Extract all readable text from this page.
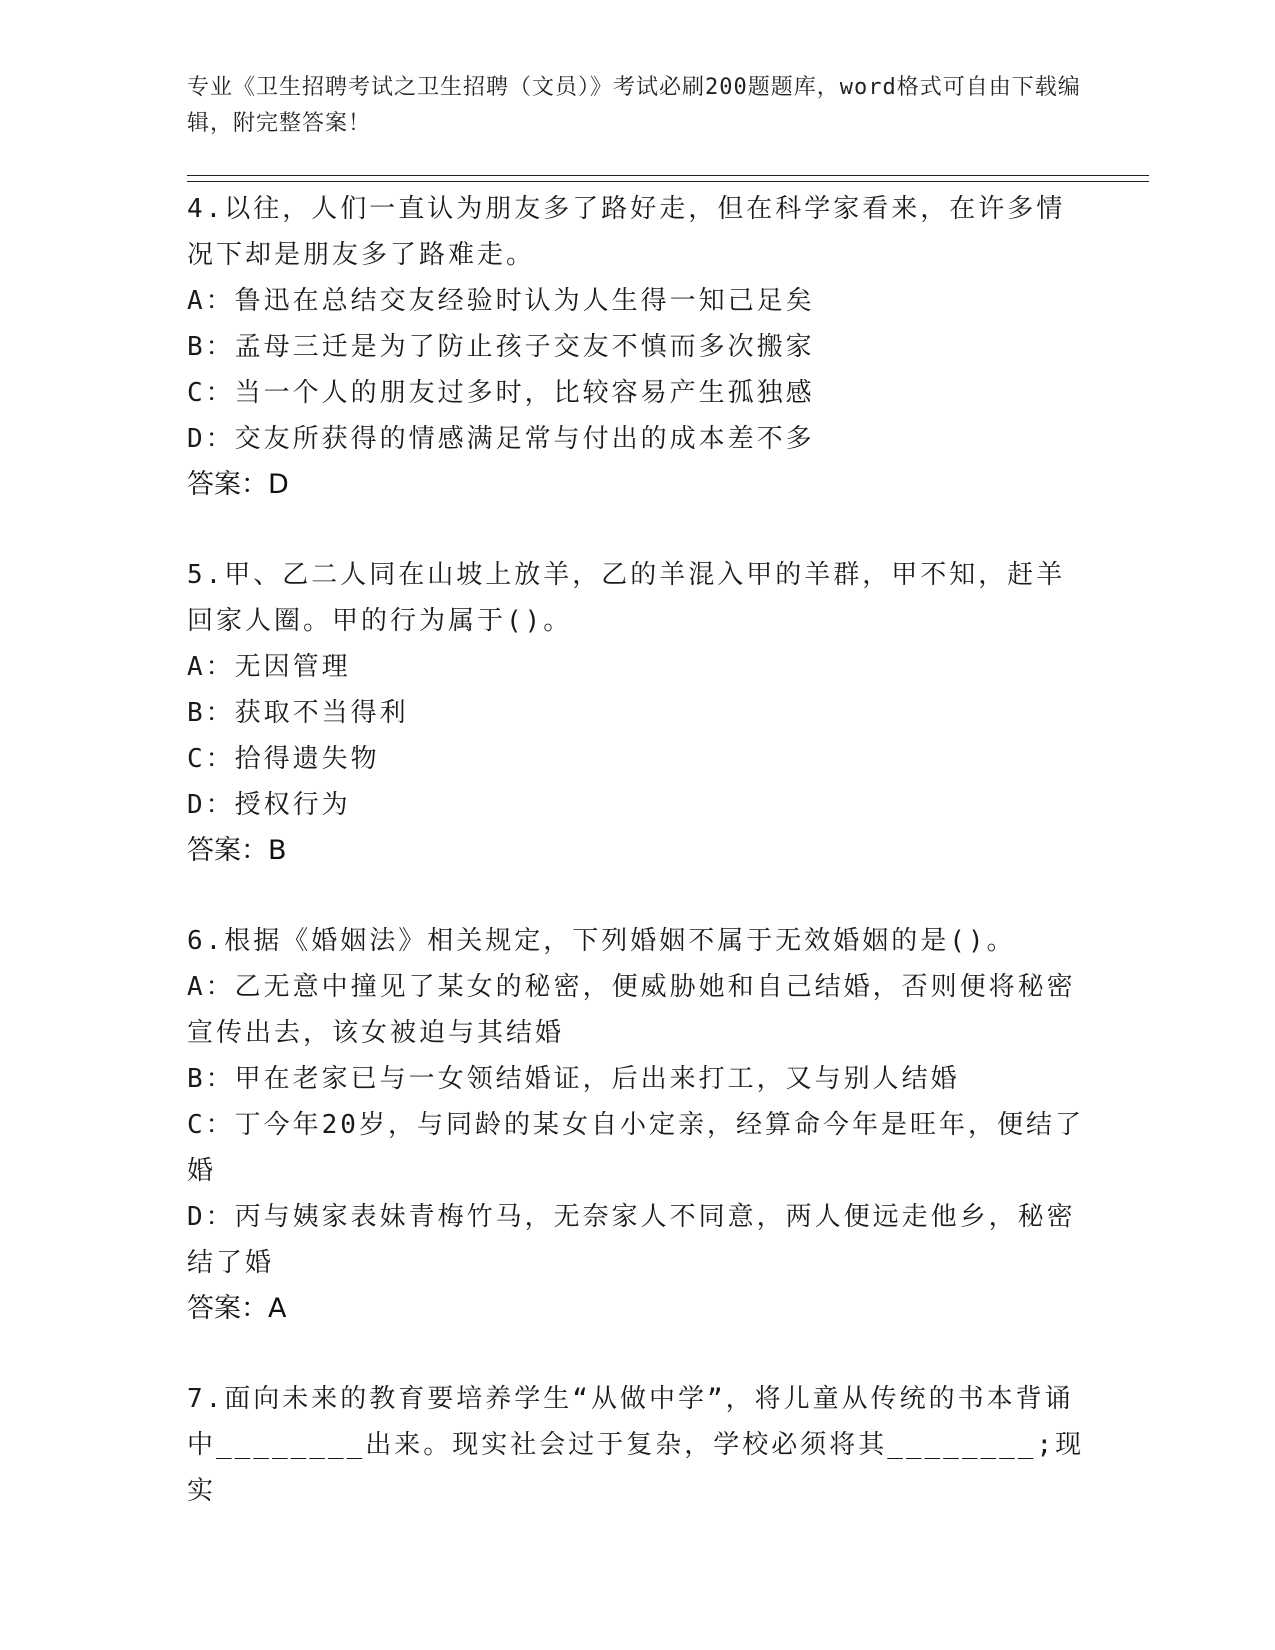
专业《卫生招聘考试之卫生招聘（文员）》考试必刷200题题库，word格式可自由下载编辑，附完整答案！

4.以往，人们一直认为朋友多了路好走，但在科学家看来，在许多情况下却是朋友多了路难走。

A：鲁迅在总结交友经验时认为人生得一知己足矣

B：孟母三迁是为了防止孩子交友不慎而多次搬家

C：当一个人的朋友过多时，比较容易产生孤独感

D：交友所获得的情感满足常与付出的成本差不多

答案：D

5.甲、乙二人同在山坡上放羊，乙的羊混入甲的羊群，甲不知，赶羊回家人圈。甲的行为属于()。

A：无因管理

B：获取不当得利

C：拾得遗失物

D：授权行为

答案：B

6.根据《婚姻法》相关规定，下列婚姻不属于无效婚姻的是()。

A：乙无意中撞见了某女的秘密，便威胁她和自己结婚，否则便将秘密宣传出去，该女被迫与其结婚

B：甲在老家已与一女领结婚证，后出来打工，又与别人结婚

C：丁今年20岁，与同龄的某女自小定亲，经算命今年是旺年，便结了婚

D：丙与姨家表妹青梅竹马，无奈家人不同意，两人便远走他乡，秘密结了婚

答案：A

7.面向未来的教育要培养学生“从做中学”，将儿童从传统的书本背诵中________出来。现实社会过于复杂，学校必须将其________;现实
